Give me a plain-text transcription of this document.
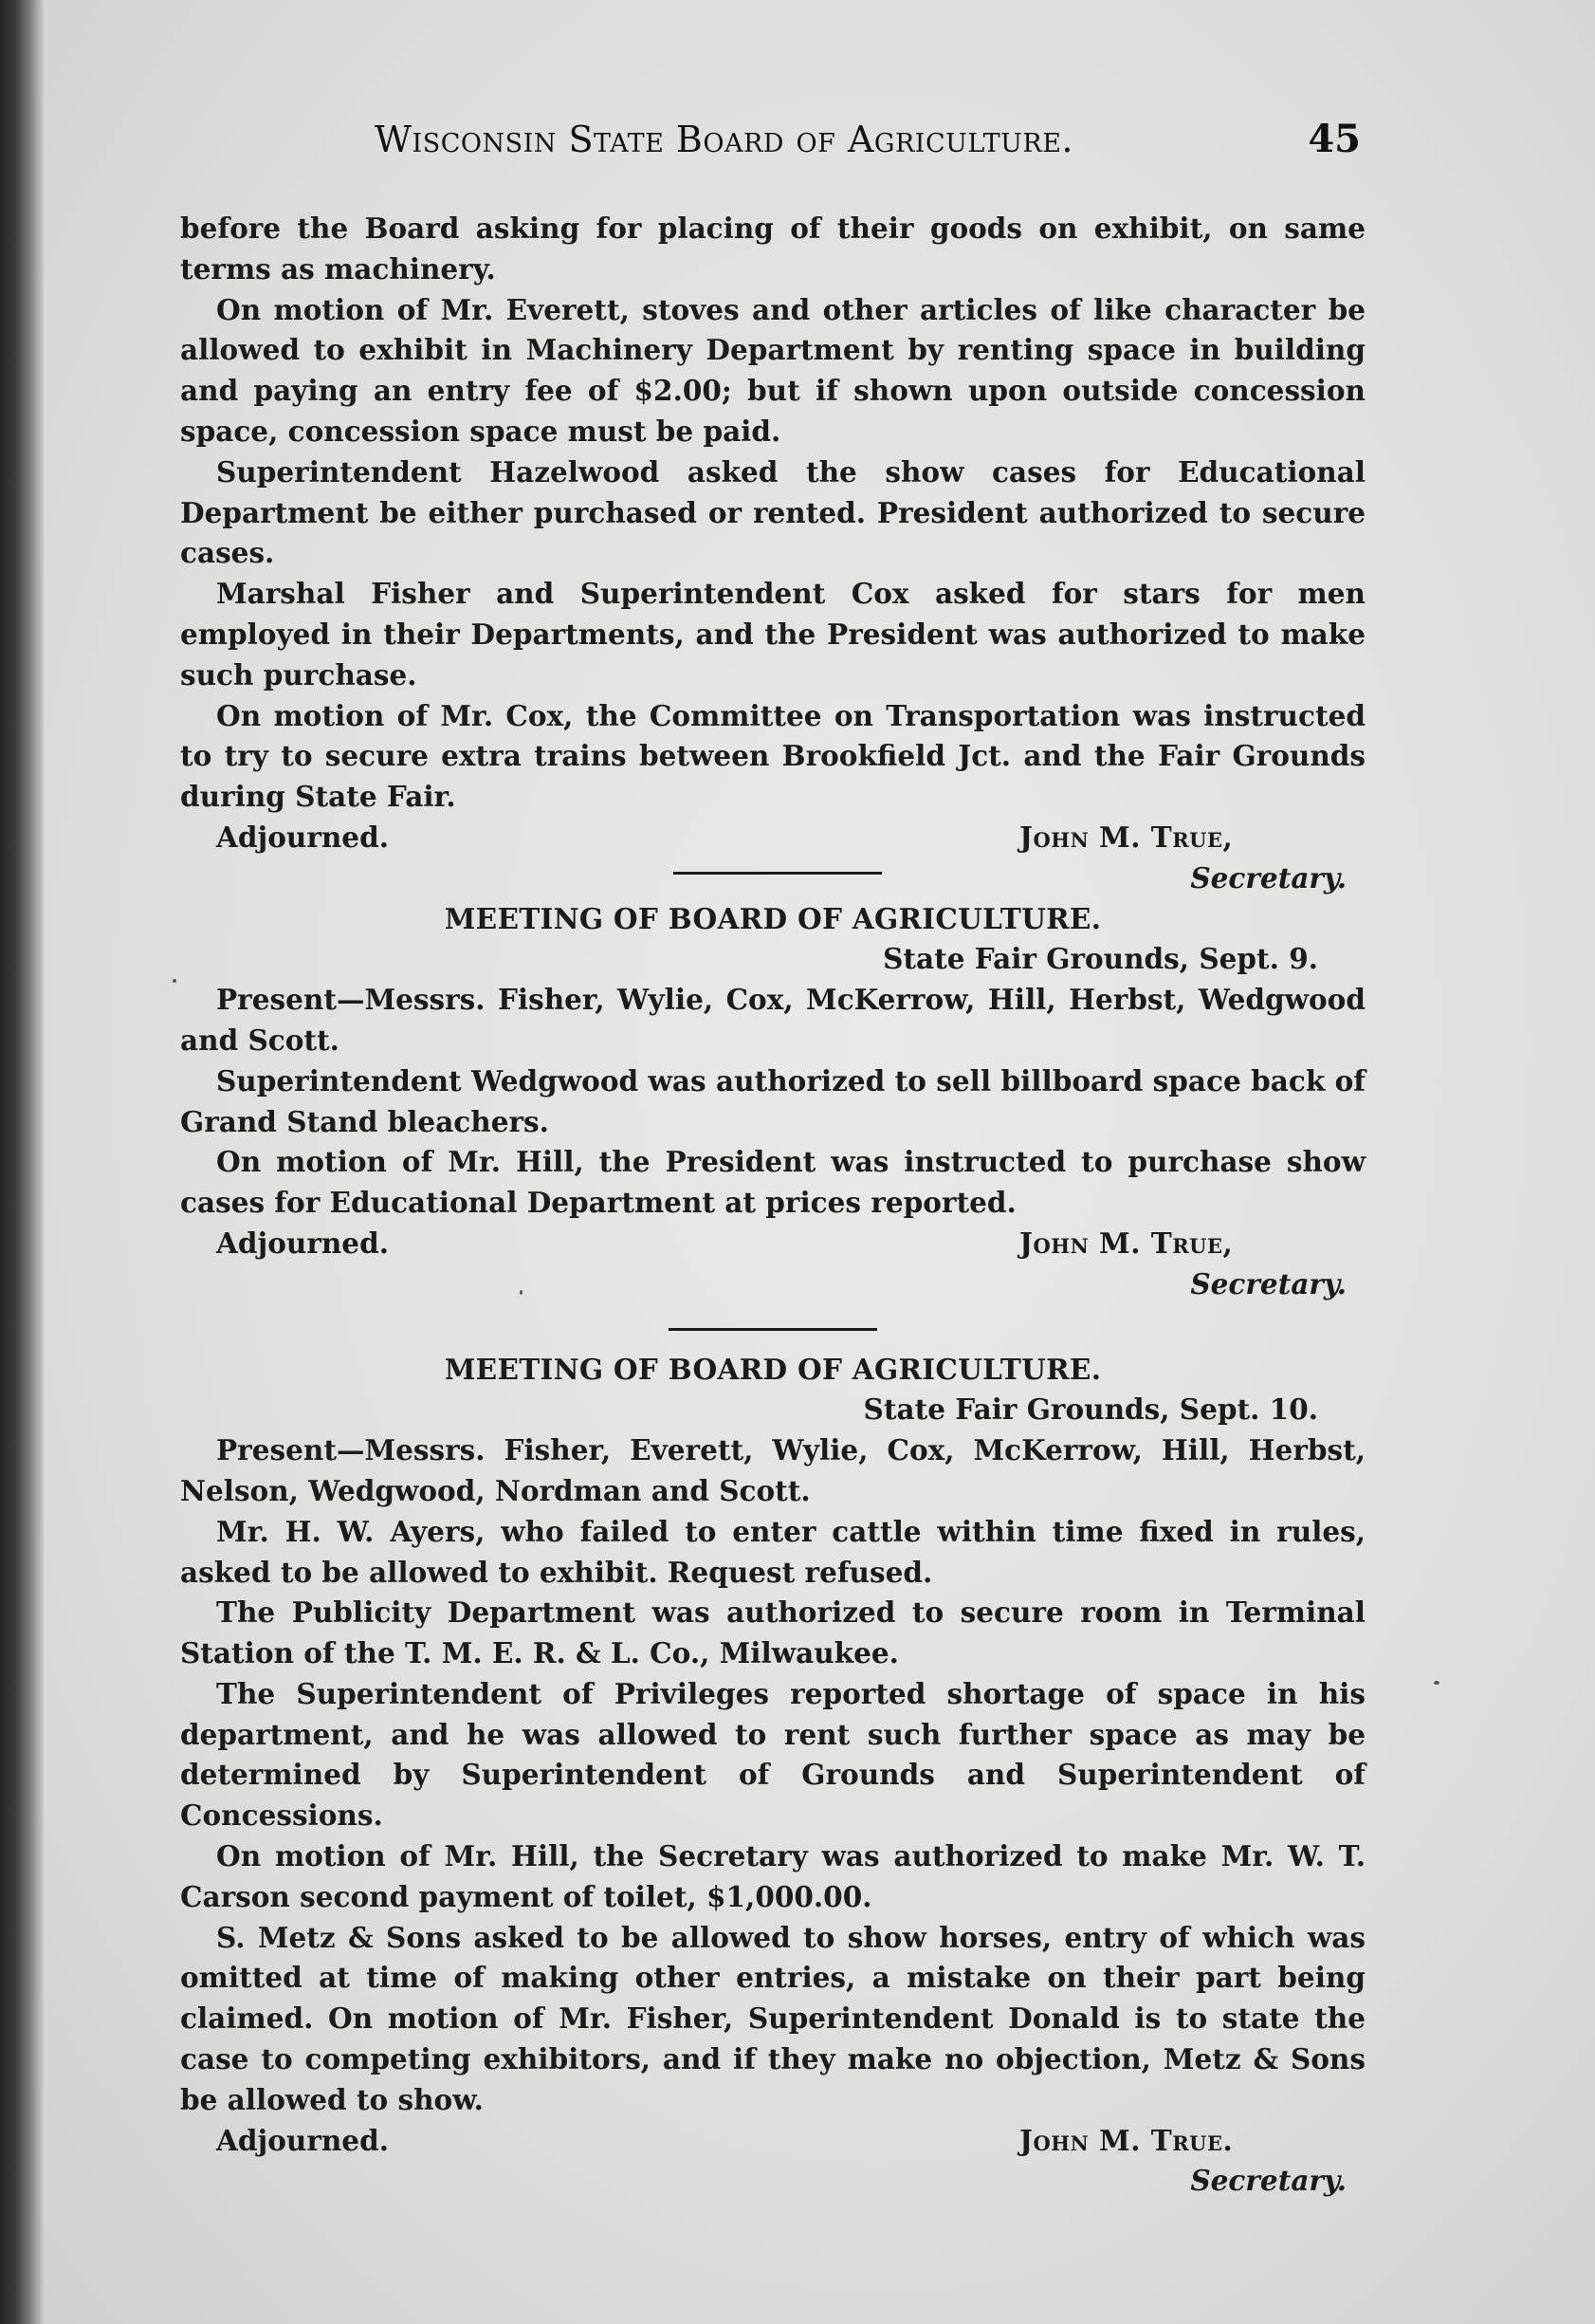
Wisconsin State Board of Agriculture.	45

before the Board asking for placing of their goods on exhibit, on same terms as machinery.

On motion of Mr. Everett, stoves and other articles of like character be allowed to exhibit in Machinery Department by renting space in building and paying an entry fee of $2.00; but if shown upon outside concession space, concession space must be paid.

Superintendent Hazelwood asked the show cases for Educational Department be either purchased or rented. President authorized to secure cases.

Marshal Fisher and Superintendent Cox asked for stars for men employed in their Departments, and the President was authorized to make such purchase.

On motion of Mr. Cox, the Committee on Transportation was instructed to try to secure extra trains between Brookfield Jct. and the Fair Grounds during State Fair.

Adjourned.	John M. True,
Secretary.

MEETING OF BOARD OF AGRICULTURE.

State Fair Grounds, Sept. 9.

Present—Messrs. Fisher, Wylie, Cox, McKerrow, Hill, Herbst, Wedgwood and Scott.

Superintendent Wedgwood was authorized to sell billboard space back of Grand Stand bleachers.

On motion of Mr. Hill, the President was instructed to purchase show cases for Educational Department at prices reported.

Adjourned.	John M. True,
Secretary.

MEETING OF BOARD OF AGRICULTURE.

State Fair Grounds, Sept. 10.

Present—Messrs. Fisher, Everett, Wylie, Cox, McKerrow, Hill, Herbst, Nelson, Wedgwood, Nordman and Scott.

Mr. H. W. Ayers, who failed to enter cattle within time fixed in rules, asked to be allowed to exhibit. Request refused.

The Publicity Department was authorized to secure room in Terminal Station of the T. M. E. R. & L. Co., Milwaukee.

The Superintendent of Privileges reported shortage of space in his department, and he was allowed to rent such further space as may be determined by Superintendent of Grounds and Superintendent of Concessions.

On motion of Mr. Hill, the Secretary was authorized to make Mr. W. T. Carson second payment of toilet, $1,000.00.

S. Metz & Sons asked to be allowed to show horses, entry of which was omitted at time of making other entries, a mistake on their part being claimed. On motion of Mr. Fisher, Superintendent Donald is to state the case to competing exhibitors, and if they make no objection, Metz & Sons be allowed to show.

Adjourned.	John M. True.
Secretary.
